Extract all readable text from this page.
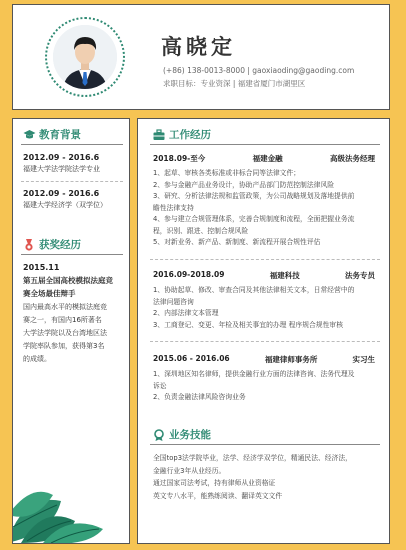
高晓定
(+86) 138-0013-8000 | gaoxiaoding@gaoding.com
求职目标：专业资深 | 福建省厦门市湖里区
教育背景
2012.09 - 2016.6
福建大学法学院法学专业
2012.09 - 2016.6
福建大学经济学（双学位）
获奖经历
2015.11
第五届全国高校模拟法庭竞
赛全场最佳辩手
国内最高水平的模拟法庭竞
赛之一，有国内16所著名
大学法学院以及台湾地区法
学院率队参加，获得第3名
的成绩。
工作经历
2018.09-至今	福建金融	高级法务经理
1、起草、审核各类标准或非标合同等法律文件；
2、参与金融产品业务设计，协助产品部门防范控制法律风险
3、研究、分析法律法规和监管政策，为公司战略规划及落地提供前
瞻性法律支持
4、参与建立合规管理体系，完善合规制度和流程，全面把握业务流
程，识别、跟进、控制合规风险
5、对新业务、新产品、新制度、新流程开展合规性评估
2016.09-2018.09	福建科技	法务专员
1、协助起草、修改、审查合同及其他法律相关文本，日常经营中的
法律问题咨询
2、内部法律文本管理
3、工商登记、变更、年检及相关事宜的办理 程序规合规性审核
2015.06 - 2016.06	福建律师事务所	实习生
1、深圳地区知名律师，提供金融行业方面的法律咨询、法务代理及
诉讼
2、负责金融法律风险咨询业务
业务技能
全国top3法学院毕业，法学、经济学双学位，精通民法、经济法，
金融行业3年从业经历。
通过国家司法考试，持有律师从业资格证
英文专八水平，能熟练阅读、翻译英文文件
